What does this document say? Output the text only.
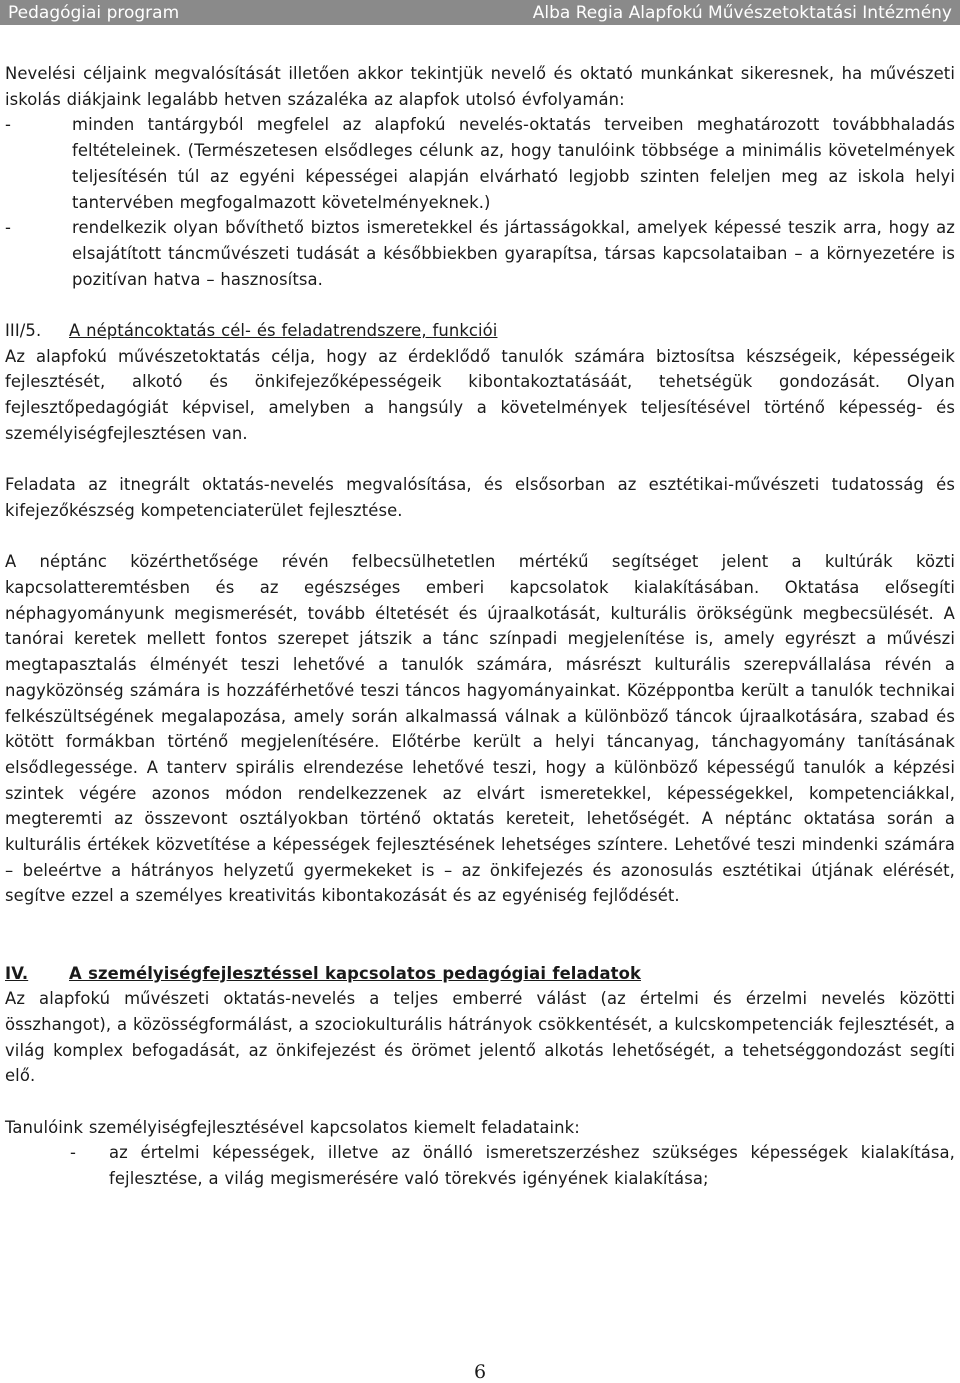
Pedagógiai program	Alba Regia Alapfokú Művészetoktatási Intézmény

Nevelési céljaink megvalósítását illetően akkor tekintjük nevelő és oktató munkánkat sikeresnek, ha művészeti iskolás diákjaink legalább hetven százaléka az alapfok utolsó évfolyamán:

-	minden tantárgyból megfelel az alapfokú nevelés-oktatás terveiben meghatározott továbbhaladás feltételeinek. (Természetesen elsődleges célunk az, hogy tanulóink többsége a minimális követelmények teljesítésén túl az egyéni képességei alapján elvárható legjobb szinten feleljen meg az iskola helyi tantervében megfogalmazott követelményeknek.)
-	rendelkezik olyan bővíthető biztos ismeretekkel és jártasságokkal, amelyek képessé teszik arra, hogy az elsajátított táncművészeti tudását a későbbiekben gyarapítsa, társas kapcsolataiban – a környezetére is pozitívan hatva – hasznosítsa.

III/5. A néptáncoktatás cél- és feladatrendszere, funkciói

Az alapfokú művészetoktatás célja, hogy az érdeklődő tanulók számára biztosítsa készségeik, képességeik fejlesztését, alkotó és önkifejezőképességeik kibontakoztatásáát, tehetségük gondozását. Olyan fejlesztőpedagógiát képvisel, amelyben a hangsúly a követelmények teljesítésével történő képesség- és személyiségfejlesztésen van.

Feladata az itnegrált oktatás-nevelés megvalósítása, és elsősorban az esztétikai-művészeti tudatosság és kifejezőkészség kompetenciaterület fejlesztése.

A néptánc közérthetősége révén felbecsülhetetlen mértékű segítséget jelent a kultúrák közti kapcsolatteremtésben és az egészséges emberi kapcsolatok kialakításában. Oktatása elősegíti néphagyományunk megismerését, tovább éltetését és újraalkotását, kulturális örökségünk megbecsülését. A tanórai keretek mellett fontos szerepet játszik a tánc színpadi megjelenítése is, amely egyrészt a művészi megtapasztalás élményét teszi lehetővé a tanulók számára, másrészt kulturális szerepvállalása révén a nagyközönség számára is hozzáférhetővé teszi táncos hagyományainkat. Középpontba került a tanulók technikai felkészültségének megalapozása, amely során alkalmassá válnak a különböző táncok újraalkotására, szabad és kötött formákban történő megjelenítésére. Előtérbe került a helyi táncanyag, tánchagyomány tanításának elsődlegessége. A tanterv spirális elrendezése lehetővé teszi, hogy a különböző képességű tanulók a képzési szintek végére azonos módon rendelkezzenek az elvárt ismeretekkel, képességekkel, kompetenciákkal, megteremti az összevont osztályokban történő oktatás kereteit, lehetőségét. A néptánc oktatása során a kulturális értékek közvetítése a képességek fejlesztésének lehetséges színtere. Lehetővé teszi mindenki számára – beleértve a hátrányos helyzetű gyermekeket is – az önkifejezés és azonosulás esztétikai útjának elérését, segítve ezzel a személyes kreativitás kibontakozását és az egyéniség fejlődését.

IV. A személyiségfejlesztéssel kapcsolatos pedagógiai feladatok

Az alapfokú művészeti oktatás-nevelés a teljes emberré válást (az értelmi és érzelmi nevelés közötti összhangot), a közösségformálást, a szociokulturális hátrányok csökkentését, a kulcskompetenciák fejlesztését, a világ komplex befogadását, az önkifejezést és örömet jelentő alkotás lehetőségét, a tehetséggondozást segíti elő.

Tanulóink személyiségfejlesztésével kapcsolatos kiemelt feladataink:

- az értelmi képességek, illetve az önálló ismeretszerzéshez szükséges képességek kialakítása, fejlesztése, a világ megismerésére való törekvés igényének kialakítása;
6
